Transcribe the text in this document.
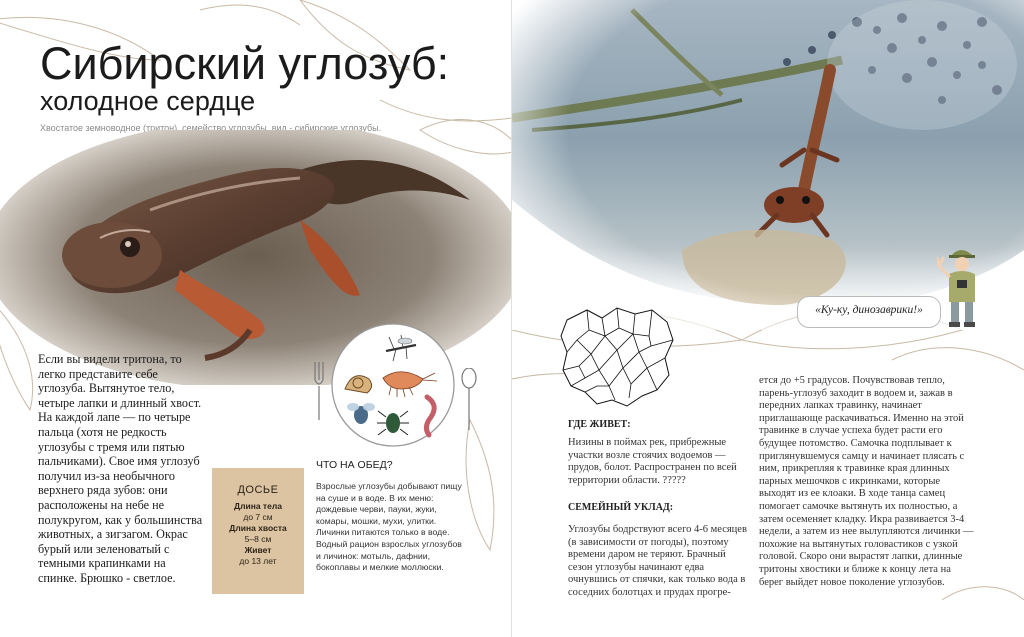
Сибирский углозуб:
холодное сердце
Хвостатое земноводное (тритон), семейство углозубы, вид - сибирские углозубы.

Если вы видели тритона, то легко представите себе углозуба. Вытянутое тело, четыре лапки и длинный хвост. На каждой лапе — по четыре пальца (хотя не редкость углозубы с тремя или пятью пальчиками). Свое имя углозуб получил из-за необычного верхнего ряда зубов: они расположены на небе не полукругом, как у большинства животных, а зигзагом. Окрас бурый или зеленоватый с темными крапинками на спинке. Брюшко - светлое.

ДОСЬЕ
Длина тела
до 7 см
Длина хвоста
5–8 см
Живет
до 13 лет
ЧТО НА ОБЕД?
Взрослые углозубы добывают пищу на суше и в воде. В их меню: дождевые черви, пауки, жуки, комары, мошки, мухи, улитки. Личинки питаются только в воде. Водный рацион взрослых углозубов и личинок: мотыль, дафнии, бокоплавы и мелкие моллюски.
«Ку-ку, динозаврики!»
ГДЕ ЖИВЕТ:

Низины в поймах рек, прибрежные участки возле стоячих водоемов — прудов, болот. Распространен по всей территории области. ?????

СЕМЕЙНЫЙ УКЛАД:

Углозубы бодрствуют всего 4-6 месяцев (в зависимости от погоды), поэтому времени даром не теряют. Брачный сезон углозубы начинают едва очнувшись от спячки, как только вода в соседних болотцах и прудах прогре-

ется до +5 градусов. Почувствовав тепло, парень-углозуб заходит в водоем и, зажав в передних лапках травинку, начинает приглашающе раскачиваться. Именно на этой травинке в случае успеха будет расти его будущее потомство. Самочка подплывает к приглянувшемуся самцу и начинает плясать с ним, прикрепляя к травинке края длинных парных мешочков с икринками, которые выходят из ее клоаки. В ходе танца самец помогает самочке вытянуть их полностью, а затем осеменяет кладку. Икра развивается 3-4 недели, а затем из нее вылупляются личинки — похожие на вытянутых головастиков с узкой головой. Скоро они вырастят лапки, длинные тритоны хвостики и ближе к концу лета на берег выйдет новое поколение углозубов.
